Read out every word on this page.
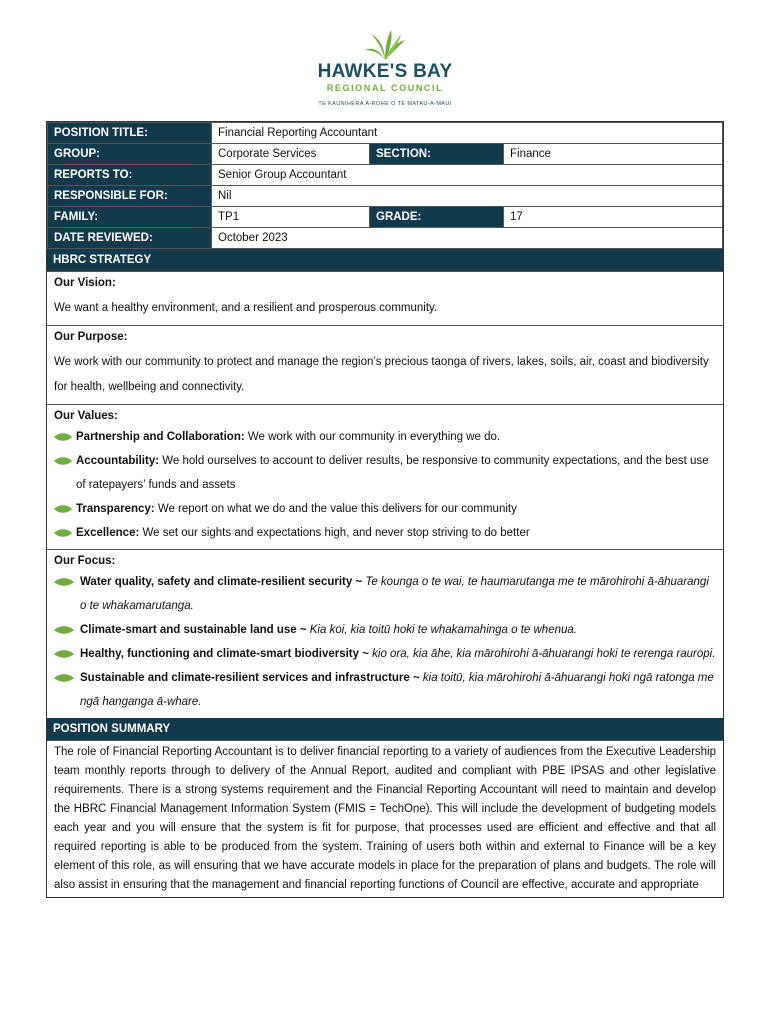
HAWKE'S BAY
REGIONAL COUNCIL
TE KAUNIHERA Ā-ROHE O TE MATAU-A-MAUI
POSITION TITLE:	Financial Reporting Accountant		
GROUP:	Corporate Services	SECTION:	Finance
REPORTS TO:	Senior Group Accountant		
RESPONSIBLE FOR:	Nil		
FAMILY:	TP1	GRADE:	17
DATE REVIEWED:	October 2023		
HBRC STRATEGY
Our Vision:

We want a healthy environment, and a resilient and prosperous community.

Our Purpose:

We work with our community to protect and manage the region’s precious taonga of rivers, lakes, soils, air, coast and biodiversity for health, wellbeing and connectivity.

Our Values:
Partnership and Collaboration: We work with our community in everything we do.
Accountability: We hold ourselves to account to deliver results, be responsive to community expectations, and the best use of ratepayers’ funds and assets
Transparency: We report on what we do and the value this delivers for our community
Excellence: We set our sights and expectations high, and never stop striving to do better
Our Focus:
Water quality, safety and climate-resilient security ~ Te kounga o te wai, te haumarutanga me te mārohirohi ā-āhuarangi o te whakamarutanga.
Climate-smart and sustainable land use ~ Kia koi, kia toitū hoki te whakamahinga o te whenua.
Healthy, functioning and climate-smart biodiversity ~ kio ora, kia āhe, kia mārohirohi ā-āhuarangi hoki te rerenga rauropi.
Sustainable and climate-resilient services and infrastructure ~ kia toitū, kia mārohirohi ā-āhuarangi hoki ngā ratonga me ngā hanganga ā-whare.
POSITION SUMMARY
The role of Financial Reporting Accountant is to deliver financial reporting to a variety of audiences from the Executive Leadership team monthly reports through to delivery of the Annual Report, audited and compliant with PBE IPSAS and other legislative requirements. There is a strong systems requirement and the Financial Reporting Accountant will need to maintain and develop the HBRC Financial Management Information System (FMIS = TechOne). This will include the development of budgeting models each year and you will ensure that the system is fit for purpose, that processes used are efficient and effective and that all required reporting is able to be produced from the system. Training of users both within and external to Finance will be a key element of this role, as will ensuring that we have accurate models in place for the preparation of plans and budgets. The role will also assist in ensuring that the management and financial reporting functions of Council are effective, accurate and appropriate
